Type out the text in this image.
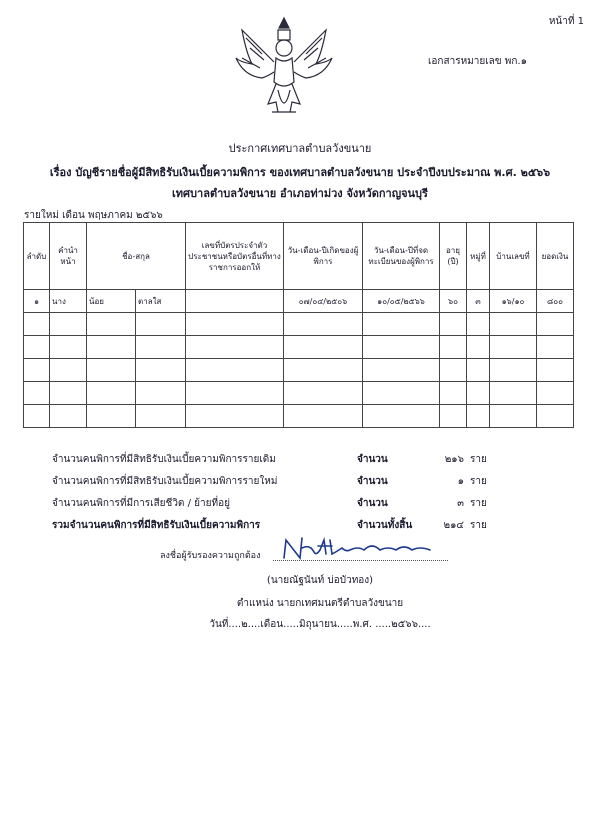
หน้าที่ 1
เอกสารหมายเลข พก.๑
ประกาศเทศบาลตำบลวังขนาย
เรื่อง บัญชีรายชื่อผู้มีสิทธิรับเงินเบี้ยความพิการ ของเทศบาลตำบลวังขนาย ประจำปีงบประมาณ พ.ศ. ๒๕๖๖
เทศบาลตำบลวังขนาย อำเภอท่าม่วง จังหวัดกาญจนบุรี
รายใหม่ เดือน พฤษภาคม ๒๕๖๖
ลำดับ	คำนำหน้า	ชื่อ-สกุล		เลขที่บัตรประจำตัวประชาชนหรือบัตรอื่นที่ทางราชการออกให้	วัน-เดือน-ปีเกิดของผู้พิการ	วัน-เดือน-ปีที่จดทะเบียนของผู้พิการ	อายุ (ปี)	หมู่ที่	บ้านเลขที่	ยอดเงิน
๑	นาง	น้อย	ตาลใส		๐๗/๐๔/๒๕๐๖	๑๐/๐๕/๒๕๖๖	๖๐	๓	๑๖/๑๐	๘๐๐

จำนวนคนพิการที่มีสิทธิรับเงินเบี้ยความพิการรายเดิม	จำนวน	๒๑๖ ราย
จำนวนคนพิการที่มีสิทธิรับเงินเบี้ยความพิการรายใหม่	จำนวน	๑ ราย
จำนวนคนพิการที่มีการเสียชีวิต / ย้ายที่อยู่	จำนวน	๓ ราย
รวมจำนวนคนพิการที่มีสิทธิรับเงินเบี้ยความพิการ	จำนวนทั้งสิ้น	๒๑๔ ราย
ลงชื่อผู้รับรองความถูกต้อง
(นายณัฐนันท์ บ่อบัวทอง)
ตำแหน่ง นายกเทศมนตรีตำบลวังขนาย
วันที่....๒....เดือน.....มิถุนายน.....พ.ศ. .....๒๕๖๖....
